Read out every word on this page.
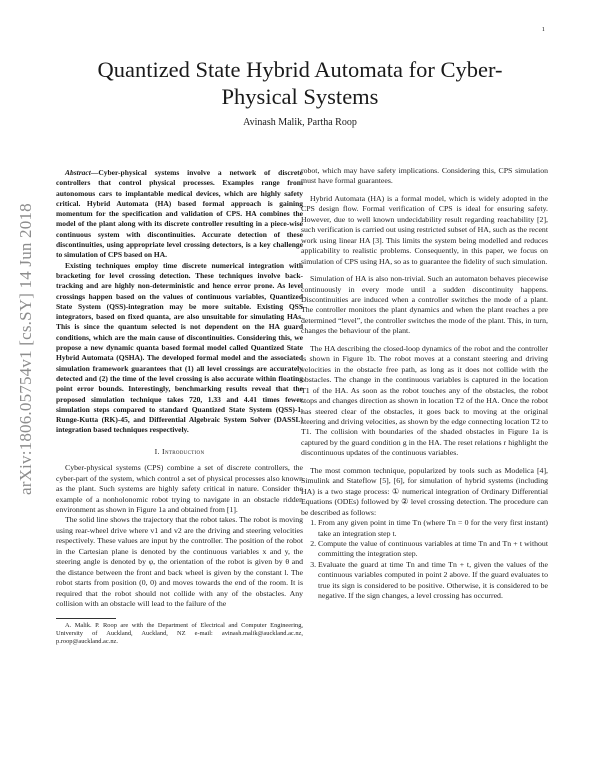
1
arXiv:1806.05754v1 [cs.SY] 14 Jun 2018
Quantized State Hybrid Automata for Cyber-Physical Systems
Avinash Malik, Partha Roop

Abstract—Cyber-physical systems involve a network of discrete controllers that control physical processes. Examples range from autonomous cars to implantable medical devices, which are highly safety critical. Hybrid Automata (HA) based formal approach is gaining momentum for the specification and validation of CPS. HA combines the model of the plant along with its discrete controller resulting in a piece-wise continuous system with discontinuities. Accurate detection of these discontinuities, using appropriate level crossing detectors, is a key challenge to simulation of CPS based on HA.

Existing techniques employ time discrete numerical integration with bracketing for level crossing detection. These techniques involve back-tracking and are highly non-deterministic and hence error prone. As level crossings happen based on the values of continuous variables, Quantized State System (QSS)-integration may be more suitable. Existing QSS integrators, based on fixed quanta, are also unsuitable for simulating HAs. This is since the quantum selected is not dependent on the HA guard conditions, which are the main cause of discontinuities. Considering this, we propose a new dynamic quanta based formal model called Quantized State Hybrid Automata (QSHA). The developed formal model and the associated simulation framework guarantees that (1) all level crossings are accurately detected and (2) the time of the level crossing is also accurate within floating point error bounds. Interestingly, benchmarking results reveal that the proposed simulation technique takes 720, 1.33 and 4.41 times fewer simulation steps compared to standard Quantized State System (QSS)-1, Runge-Kutta (RK)-45, and Differential Algebraic System Solver (DASSL) integration based techniques respectively.

I. Introduction

Cyber-physical systems (CPS) combine a set of discrete controllers, the cyber-part of the system, which control a set of physical processes also known as the plant. Such systems are highly safety critical in nature. Consider the example of a nonholonomic robot trying to navigate in an obstacle ridden environment as shown in Figure 1a and obtained from [1].

The solid line shows the trajectory that the robot takes. The robot is moving using rear-wheel drive where v1 and v2 are the driving and steering velocities respectively. These values are input by the controller. The position of the robot in the Cartesian plane is denoted by the continuous variables x and y, the steering angle is denoted by φ, the orientation of the robot is given by θ and the distance between the front and back wheel is given by the constant l. The robot starts from position (0, 0) and moves towards the end of the room. It is required that the robot should not collide with any of the obstacles. Any collision with an obstacle will lead to the failure of the

A. Malik. P. Roop are with the Department of Electrical and Computer Engineering, University of Auckland, Auckland, NZ e-mail: avinash.malik@auckland.ac.nz, p.roop@auckland.ac.nz.

robot, which may have safety implications. Considering this, CPS simulation must have formal guarantees.

Hybrid Automata (HA) is a formal model, which is widely adopted in the CPS design flow. Formal verification of CPS is ideal for ensuring safety. However, due to well known undecidability result regarding reachability [2], such verification is carried out using restricted subset of HA, such as the recent work using linear HA [3]. This limits the system being modelled and reduces applicability to realistic problems. Consequently, in this paper, we focus on simulation of CPS using HA, so as to guarantee the fidelity of such simulation.

Simulation of HA is also non-trivial. Such an automaton behaves piecewise continuously in every mode until a sudden discontinuity happens. Discontinuities are induced when a controller switches the mode of a plant. The controller monitors the plant dynamics and when the plant reaches a pre determined “level”, the controller switches the mode of the plant. This, in turn, changes the behaviour of the plant.

The HA describing the closed-loop dynamics of the robot and the controller is shown in Figure 1b. The robot moves at a constant steering and driving velocities in the obstacle free path, as long as it does not collide with the obstacles. The change in the continuous variables is captured in the location T1 of the HA. As soon as the robot touches any of the obstacles, the robot stops and changes direction as shown in location T2 of the HA. Once the robot has steered clear of the obstacles, it goes back to moving at the original steering and driving velocities, as shown by the edge connecting location T2 to T1. The collision with boundaries of the shaded obstacles in Figure 1a is captured by the guard condition g in the HA. The reset relations r highlight the discontinuous updates of the continuous variables.

The most common technique, popularized by tools such as Modelica [4], Simulink and Stateflow [5], [6], for simulation of hybrid systems (including HA) is a two stage process: ① numerical integration of Ordinary Differential Equations (ODEs) followed by ② level crossing detection. The procedure can be described as follows:

1. From any given point in time Tn (where Tn = 0 for the very first instant) take an integration step t.
2. Compute the value of continuous variables at time Tn and Tn + t without committing the integration step.
3. Evaluate the guard at time Tn and time Tn + t, given the values of the continuous variables computed in point 2 above. If the guard evaluates to true its sign is considered to be positive. Otherwise, it is considered to be negative. If the sign changes, a level crossing has occurred.
